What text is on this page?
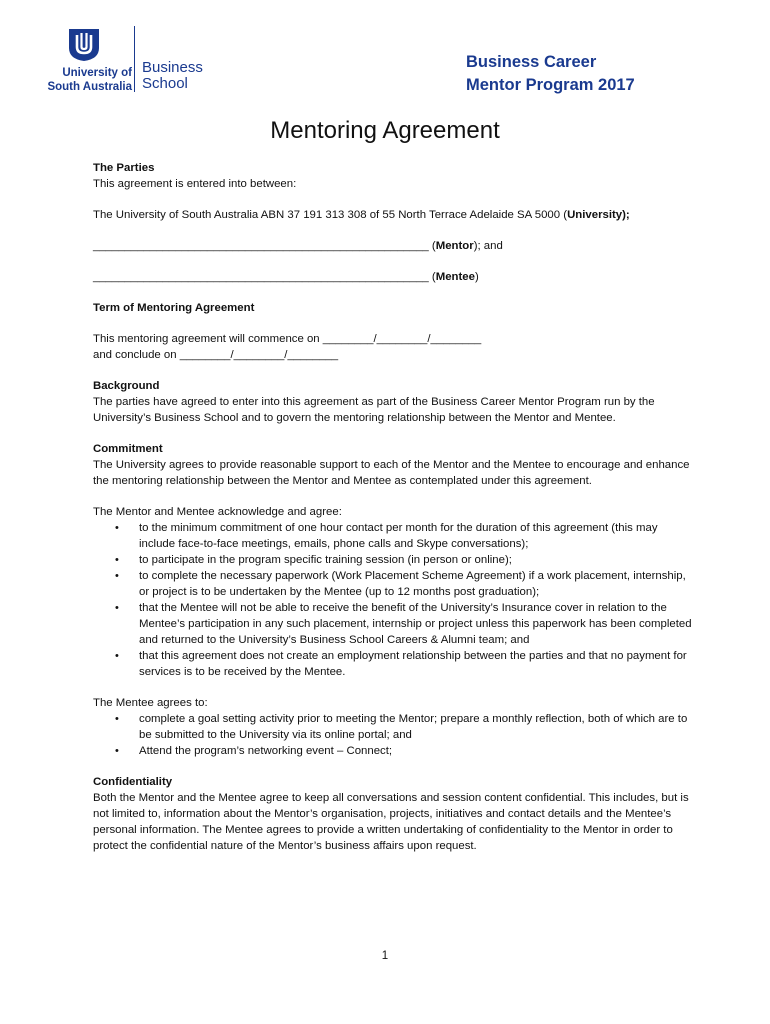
University of
South Australia
Business
School
Business Career
Mentor Program 2017
Mentoring Agreement

The Parties

This agreement is entered into between:

The University of South Australia ABN 37 191 313 308 of 55 North Terrace Adelaide SA 5000 (University);

_____________________________________________________ (Mentor); and

_____________________________________________________ (Mentee)

Term of Mentoring Agreement

This mentoring agreement will commence on ________/________/________

and conclude on ________/________/________

Background

The parties have agreed to enter into this agreement as part of the Business Career Mentor Program run by the University’s Business School and to govern the mentoring relationship between the Mentor and Mentee.

Commitment

The University agrees to provide reasonable support to each of the Mentor and the Mentee to encourage and enhance the mentoring relationship between the Mentor and Mentee as contemplated under this agreement.

The Mentor and Mentee acknowledge and agree:

• to the minimum commitment of one hour contact per month for the duration of this agreement (this may include face-to-face meetings, emails, phone calls and Skype conversations);
• to participate in the program specific training session (in person or online);
• to complete the necessary paperwork (Work Placement Scheme Agreement) if a work placement, internship, or project is to be undertaken by the Mentee (up to 12 months post graduation);
• that the Mentee will not be able to receive the benefit of the University’s Insurance cover in relation to the Mentee’s participation in any such placement, internship or project unless this paperwork has been completed and returned to the University’s Business School Careers & Alumni team; and
• that this agreement does not create an employment relationship between the parties and that no payment for services is to be received by the Mentee.

The Mentee agrees to:

• complete a goal setting activity prior to meeting the Mentor; prepare a monthly reflection, both of which are to be submitted to the University via its online portal; and
• Attend the program’s networking event – Connect;

Confidentiality

Both the Mentor and the Mentee agree to keep all conversations and session content confidential. This includes, but is not limited to, information about the Mentor’s organisation, projects, initiatives and contact details and the Mentee’s personal information. The Mentee agrees to provide a written undertaking of confidentiality to the Mentor in order to protect the confidential nature of the Mentor’s business affairs upon request.

1
